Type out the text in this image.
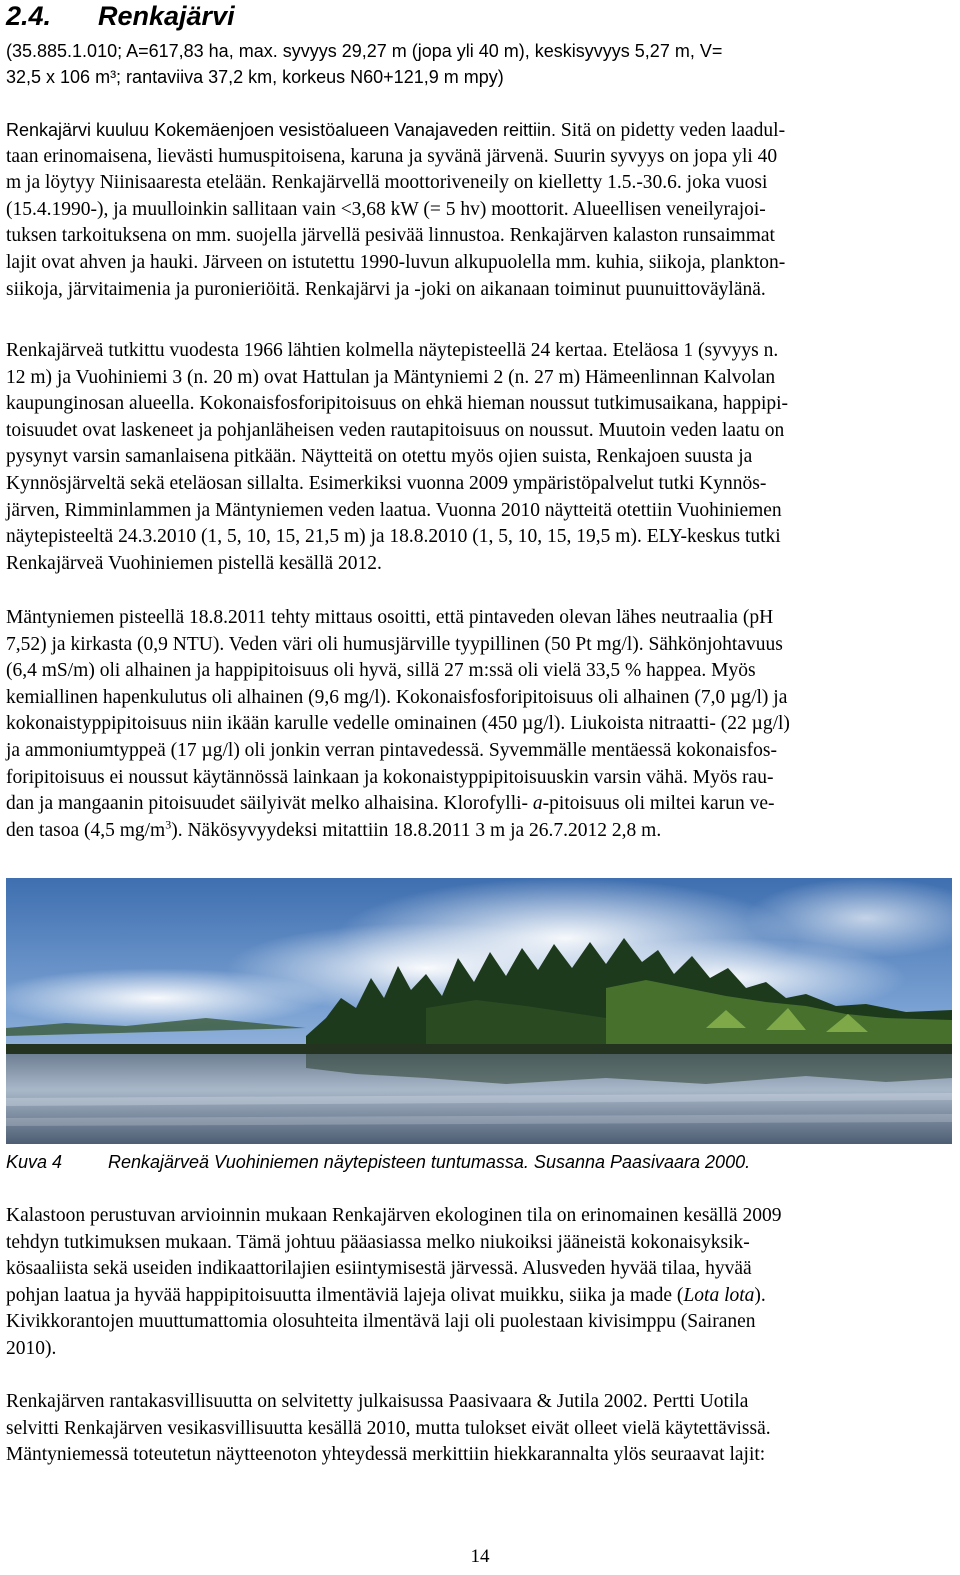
2.4. Renkajärvi
(35.885.1.010; A=617,83 ha, max. syvyys 29,27 m (jopa yli 40 m), keskisyvyys 5,27 m, V=
32,5 x 106 m³; rantaviiva 37,2 km, korkeus N60+121,9 m mpy)
Renkajärvi kuuluu Kokemäenjoen vesistöalueen Vanajaveden reittiin. Sitä on pidetty veden laadul-
taan erinomaisena, lievästi humuspitoisena, karuna ja syvänä järvenä. Suurin syvyys on jopa yli 40
m ja löytyy Niinisaaresta etelään. Renkajärvellä moottoriveneily on kielletty 1.5.-30.6. joka vuosi
(15.4.1990-), ja muulloinkin sallitaan vain <3,68 kW (= 5 hv) moottorit. Alueellisen veneilyrajoi-
tuksen tarkoituksena on mm. suojella järvellä pesivää linnustoa. Renkajärven kalaston runsaimmat
lajit ovat ahven ja hauki. Järveen on istutettu 1990-luvun alkupuolella mm. kuhia, siikoja, plankton-
siikoja, järvitaimenia ja puronieriöitä. Renkajärvi ja -joki on aikanaan toiminut puunuittoväylänä.
Renkajärveä tutkittu vuodesta 1966 lähtien kolmella näytepisteellä 24 kertaa. Eteläosa 1 (syvyys n.
12 m) ja Vuohiniemi 3 (n. 20 m) ovat Hattulan ja Mäntyniemi 2 (n. 27 m) Hämeenlinnan Kalvolan
kaupunginosan alueella. Kokonaisfosforipitoisuus on ehkä hieman noussut tutkimusaikana, happipi-
toisuudet ovat laskeneet ja pohjanläheisen veden rautapitoisuus on noussut. Muutoin veden laatu on
pysynyt varsin samanlaisena pitkään. Näytteitä on otettu myös ojien suista, Renkajoen suusta ja
Kynnösjärveltä sekä eteläosan sillalta. Esimerkiksi vuonna 2009 ympäristöpalvelut tutki Kynnös-
järven, Rimminlammen ja Mäntyniemen veden laatua. Vuonna 2010 näytteitä otettiin Vuohiniemen
näytepisteeltä 24.3.2010 (1, 5, 10, 15, 21,5 m) ja 18.8.2010 (1, 5, 10, 15, 19,5 m). ELY-keskus tutki
Renkajärveä Vuohiniemen pistellä kesällä 2012.
Mäntyniemen pisteellä 18.8.2011 tehty mittaus osoitti, että pintaveden olevan lähes neutraalia (pH
7,52) ja kirkasta (0,9 NTU). Veden väri oli humusjärville tyypillinen (50 Pt mg/l). Sähkönjohtavuus
(6,4 mS/m) oli alhainen ja happipitoisuus oli hyvä, sillä 27 m:ssä oli vielä 33,5 % happea. Myös
kemiallinen hapenkulutus oli alhainen (9,6 mg/l). Kokonaisfosforipitoisuus oli alhainen (7,0 µg/l) ja
kokonaistyppipitoisuus niin ikään karulle vedelle ominainen (450 µg/l). Liukoista nitraatti- (22 µg/l)
ja ammoniumtyppeä (17 µg/l) oli jonkin verran pintavedessä. Syvemmälle mentäessä kokonaisfos-
foripitoisuus ei noussut käytännössä lainkaan ja kokonaistyppipitoisuuskin varsin vähä. Myös rau-
dan ja mangaanin pitoisuudet säilyivät melko alhaisina. Klorofylli- a-pitoisuus oli miltei karun ve-
den tasoa (4,5 $mg/m^3$). Näkösyvyydeksi mitattiin 18.8.2011 3 m ja 26.7.2012 2,8 m.
Kuva 4	Renkajärveä Vuohiniemen näytepisteen tuntumassa. Susanna Paasivaara 2000.
Kalastoon perustuvan arvioinnin mukaan Renkajärven ekologinen tila on erinomainen kesällä 2009
tehdyn tutkimuksen mukaan. Tämä johtuu pääasiassa melko niukoiksi jääneistä kokonaisyksik-
kösaaliista sekä useiden indikaattorilajien esiintymisestä järvessä. Alusveden hyvää tilaa, hyvää
pohjan laatua ja hyvää happipitoisuutta ilmentäviä lajeja olivat muikku, siika ja made (Lota lota).
Kivikkorantojen muuttumattomia olosuhteita ilmentävä laji oli puolestaan kivisimppu (Sairanen
2010).
Renkajärven rantakasvillisuutta on selvitetty julkaisussa Paasivaara & Jutila 2002. Pertti Uotila
selvitti Renkajärven vesikasvillisuutta kesällä 2010, mutta tulokset eivät olleet vielä käytettävissä.
Mäntyniemessä toteutetun näytteenoton yhteydessä merkittiin hiekkarannalta ylös seuraavat lajit:
14
